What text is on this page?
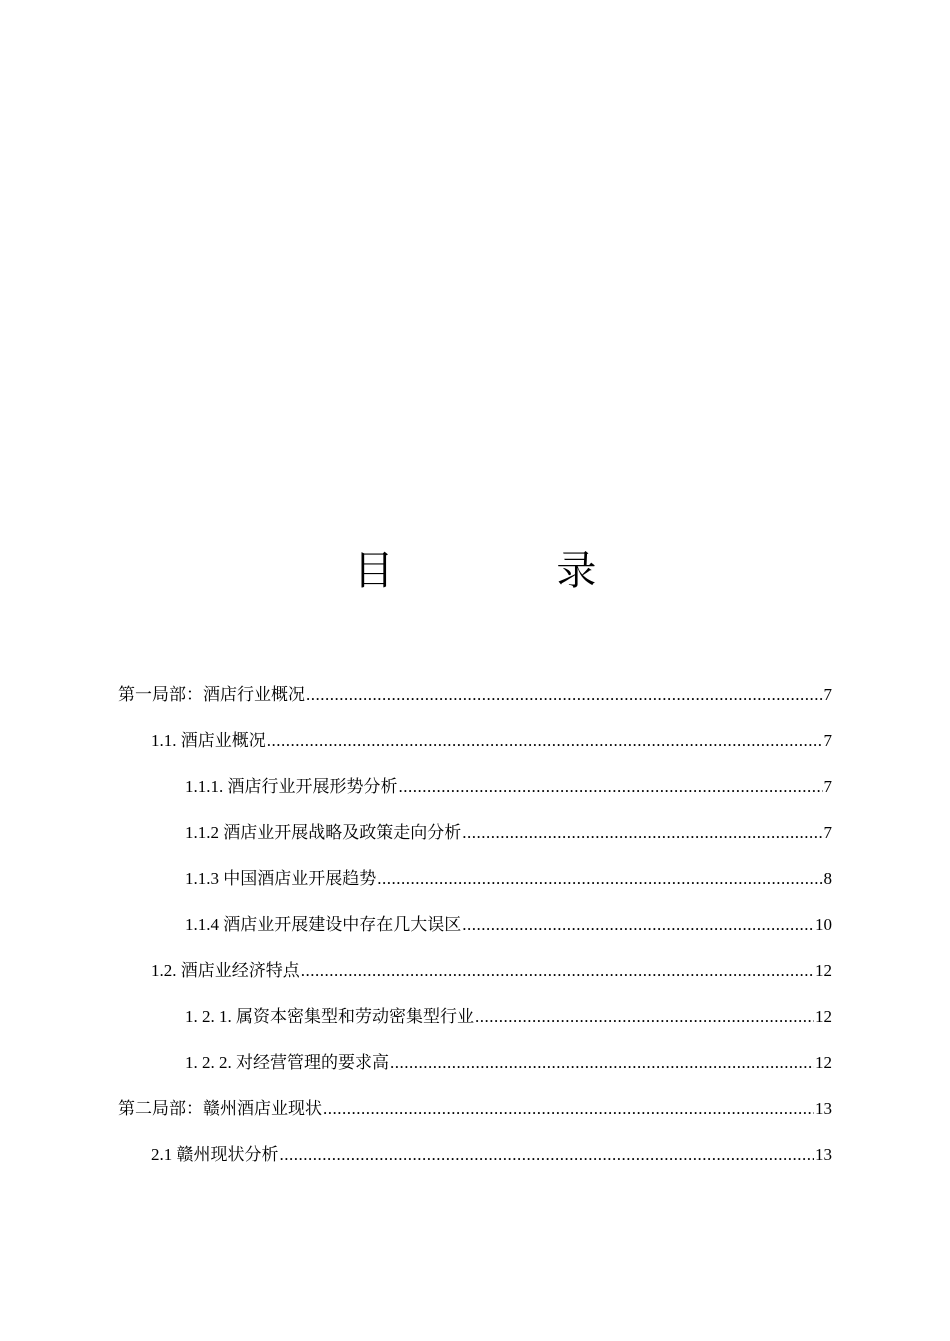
目 录
第一局部：酒店行业概况 .....	7
1.1. 酒店业概况 .....	7
1.1.1. 酒店行业开展形势分析 .....	7
1.1.2 酒店业开展战略及政策走向分析 .....	7
1.1.3 中国酒店业开展趋势 .....	8
1.1.4 酒店业开展建设中存在几大误区 .....	10
1.2. 酒店业经济特点 .....	12
1. 2. 1. 属资本密集型和劳动密集型行业 .....	12
1. 2. 2. 对经营管理的要求高 .....	12
第二局部：赣州酒店业现状 .....	13
2.1 赣州现状分析 .....	13
